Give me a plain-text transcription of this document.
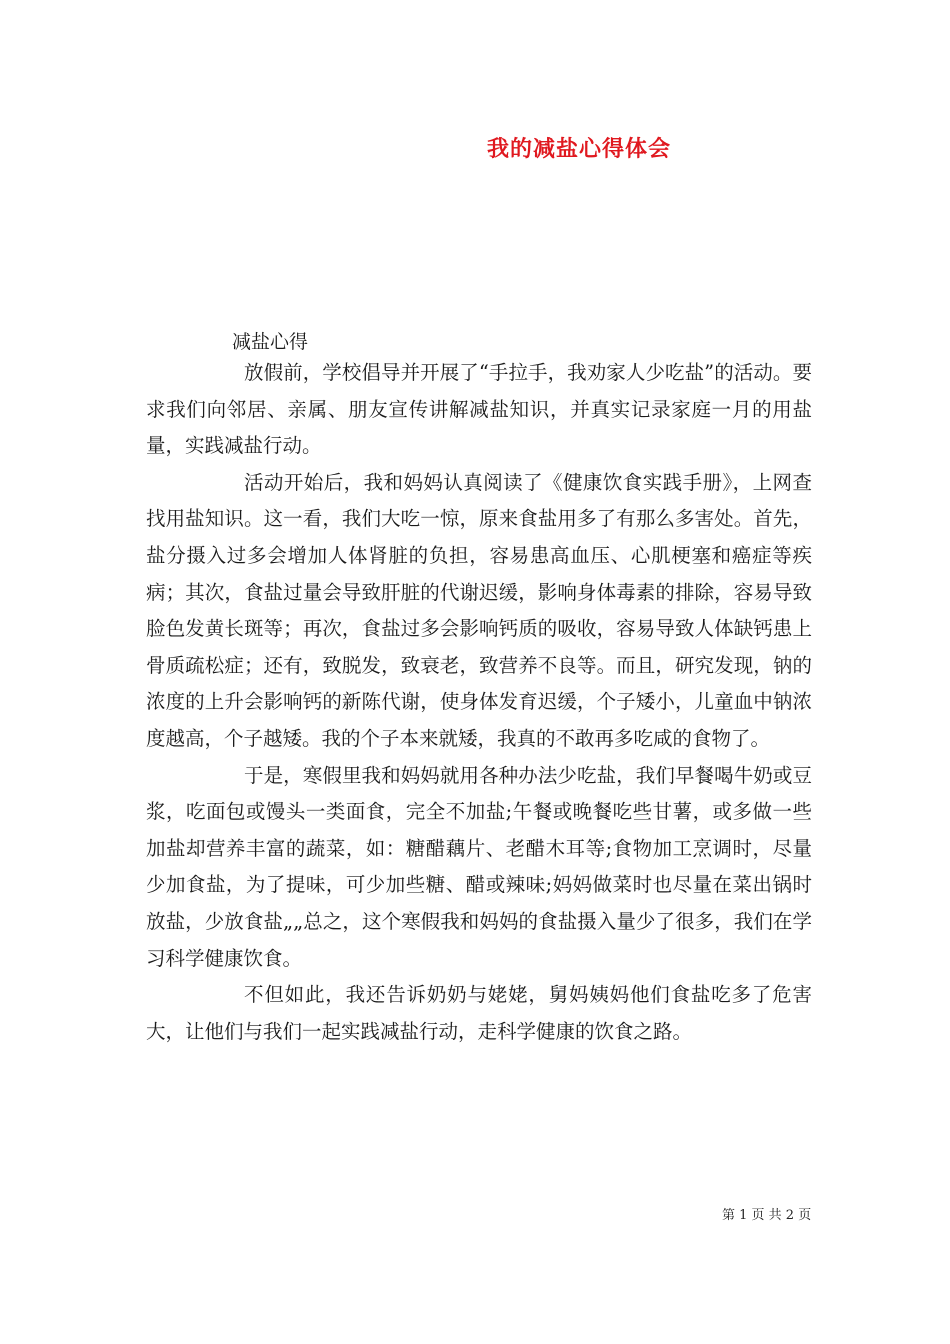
我的减盐心得体会
减盐心得

放假前，学校倡导并开展了“手拉手，我劝家人少吃盐”的活动。要求我们向邻居、亲属、朋友宣传讲解减盐知识，并真实记录家庭一月的用盐量，实践减盐行动。

活动开始后，我和妈妈认真阅读了《健康饮食实践手册》，上网查找用盐知识。这一看，我们大吃一惊，原来食盐用多了有那么多害处。首先，盐分摄入过多会增加人体肾脏的负担，容易患高血压、心肌梗塞和癌症等疾病；其次，食盐过量会导致肝脏的代谢迟缓，影响身体毒素的排除，容易导致脸色发黄长斑等；再次，食盐过多会影响钙质的吸收，容易导致人体缺钙患上骨质疏松症；还有，致脱发，致衰老，致营养不良等。而且，研究发现，钠的浓度的上升会影响钙的新陈代谢，使身体发育迟缓，个子矮小，儿童血中钠浓度越高，个子越矮。我的个子本来就矮，我真的不敢再多吃咸的食物了。

于是，寒假里我和妈妈就用各种办法少吃盐，我们早餐喝牛奶或豆浆，吃面包或馒头一类面食，完全不加盐;午餐或晚餐吃些甘薯，或多做一些加盐却营养丰富的蔬菜，如：糖醋藕片、老醋木耳等;食物加工烹调时，尽量少加食盐，为了提味，可少加些糖、醋或辣味;妈妈做菜时也尽量在菜出锅时放盐，少放食盐„„总之，这个寒假我和妈妈的食盐摄入量少了很多，我们在学习科学健康饮食。

不但如此，我还告诉奶奶与姥姥，舅妈姨妈他们食盐吃多了危害大，让他们与我们一起实践减盐行动，走科学健康的饮食之路。

第 1 页 共 2 页
